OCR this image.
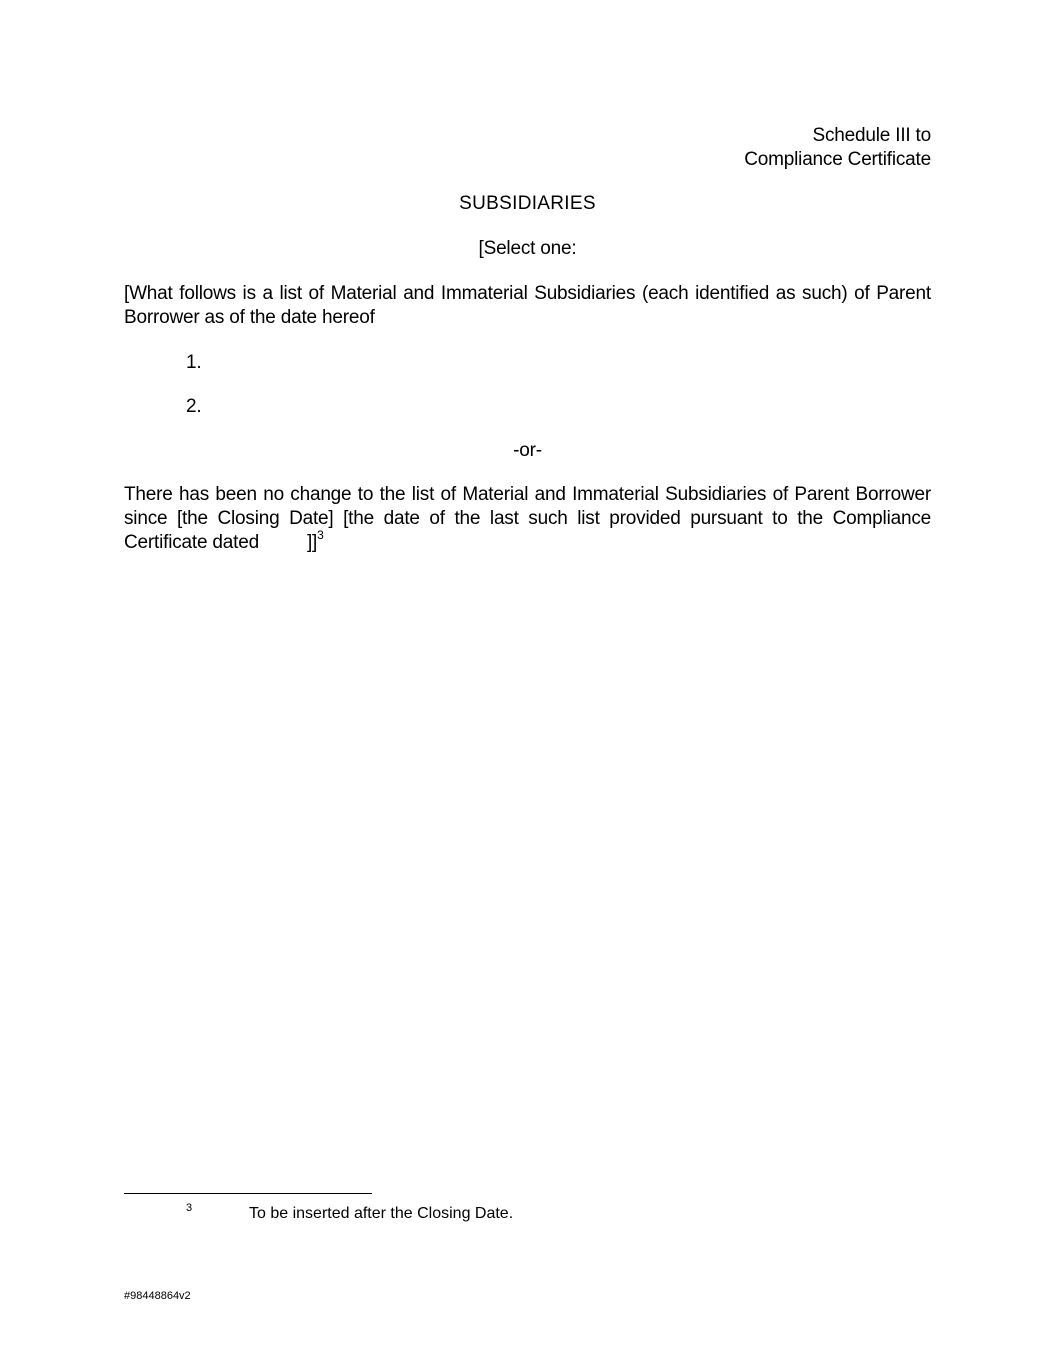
Schedule III to
Compliance Certificate
SUBSIDIARIES
[Select one:
[What follows is a list of Material and Immaterial Subsidiaries (each identified as such) of Parent Borrower as of the date hereof
1.
2.
-or-
There has been no change to the list of Material and Immaterial Subsidiaries of Parent Borrower since [the Closing Date] [the date of the last such list provided pursuant to the Compliance Certificate dated	]]$^3$
3	To be inserted after the Closing Date.
#98448864v2
